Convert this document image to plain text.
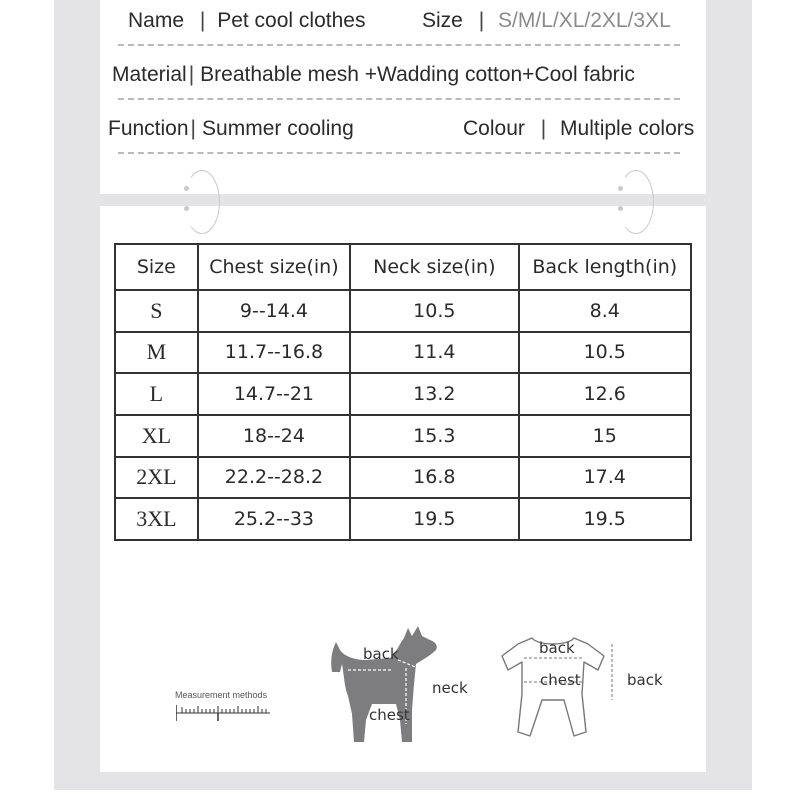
Name | Pet cool clothes	Size | S/M/L/XL/2XL/3XL
Material| Breathable mesh +Wadding cotton+Cool fabric
Function| Summer cooling	Colour | Multiple colors
Size	Chest size(in)	Neck size(in)	Back length(in)
S	9--14.4	10.5	8.4
M	11.7--16.8	11.4	10.5
L	14.7--21	13.2	12.6
XL	18--24	15.3	15
2XL	22.2--28.2	16.8	17.4
3XL	25.2--33	19.5	19.5
Measurement methods
back
neck
chest
back
chest	back
